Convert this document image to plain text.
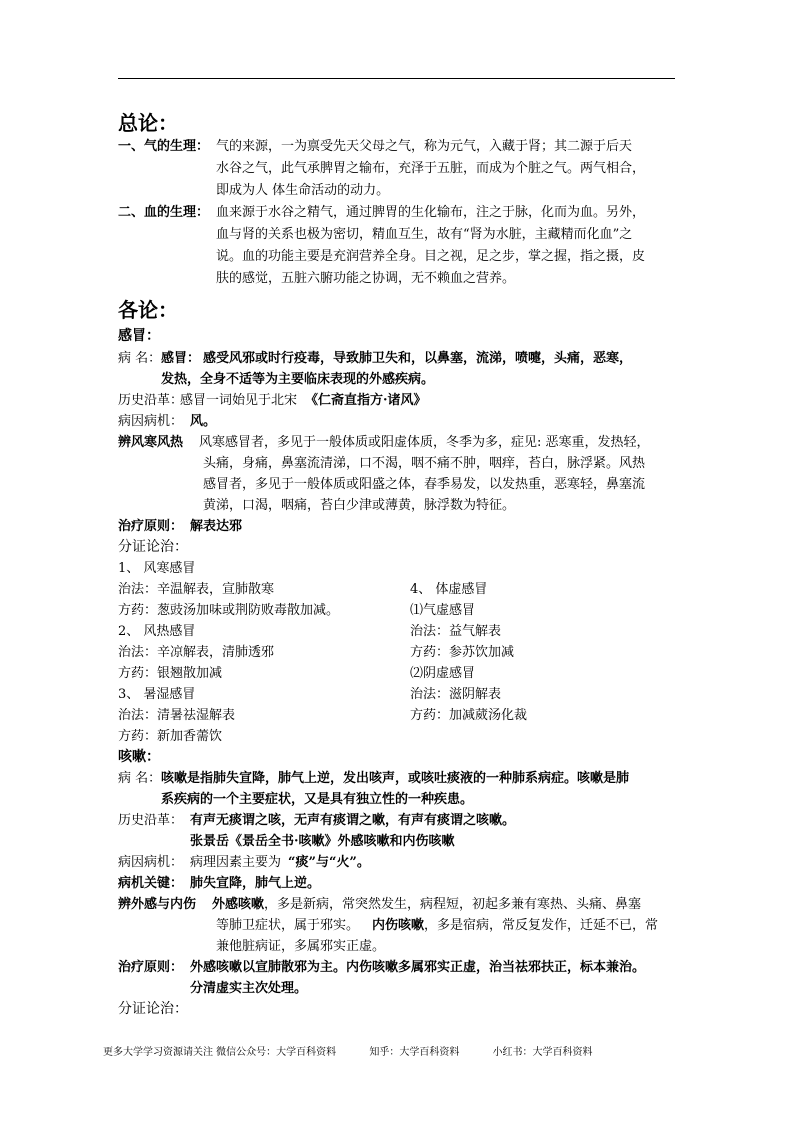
总论：
一、气的生理： 气的来源，一为禀受先天父母之气，称为元气，入藏于肾；其二源于后天
水谷之气，此气承脾胃之输布，充泽于五脏，而成为个脏之气。两气相合，
即成为人 体生命活动的动力。
二、血的生理： 血来源于水谷之精气，通过脾胃的生化输布，注之于脉，化而为血。另外，
血与肾的关系也极为密切，精血互生，故有“肾为水脏，主藏精而化血”之
说。血的功能主要是充润营养全身。目之视，足之步，掌之握，指之摄，皮
肤的感觉，五脏六腑功能之协调，无不赖血之营养。
各论：
感冒：
病 名： 感冒： 感受风邪或时行疫毒，导致肺卫失和，以鼻塞，流涕，喷嚏，头痛，恶寒，
发热，全身不适等为主要临床表现的外感疾病。
历史沿革：
感冒一词始见于北宋 《仁斋直指方·诸风》
病因病机： 风。
辨风寒风热 风寒感冒者，多见于一般体质或阳虚体质，冬季为多，症见: 恶寒重，发热轻，
头痛，身痛，鼻塞流清涕，口不渴，咽不痛不肿，咽痒，苔白，脉浮紧。风热
感冒者，多见于一般体质或阳盛之体，春季易发，以发热重，恶寒轻，鼻塞流
黄涕，口渴，咽痛，苔白少津或薄黄，脉浮数为特征。
治疗原则： 解表达邪
分证论治：
1、 风寒感冒
治法：辛温解表，宣肺散寒
方药：葱豉汤加味或荆防败毒散加减。
2、 风热感冒
治法：辛凉解表，清肺透邪
方药：银翘散加减
3、 暑湿感冒
治法：清暑祛湿解表
方药：新加香薷饮
4、 体虚感冒
⑴气虚感冒
治法：益气解表
方药：参苏饮加减
⑵阴虚感冒
治法：滋阴解表
方药：加减葳汤化裁
咳嗽：
病 名： 咳嗽是指肺失宣降，肺气上逆，发出咳声，或咳吐痰液的一种肺系病症。咳嗽是肺
系疾病的一个主要症状，又是具有独立性的一种疾患。
历史沿革： 有声无痰谓之咳，无声有痰谓之嗽，有声有痰谓之咳嗽。
张景岳《景岳全书·咳嗽》外感咳嗽和内伤咳嗽
病因病机： 病理因素主要为 “痰”与“火”。
病机关键： 肺失宣降，肺气上逆。
辨外感与内伤 外感咳嗽 ，多是新病，常突然发生，病程短，初起多兼有寒热、头痛、鼻塞
等肺卫症状，属于邪实。 内伤咳嗽 ，多是宿病，常反复发作，迁延不已，常
兼他脏病证，多属邪实正虚。
治疗原则： 外感咳嗽以宣肺散邪为主。内伤咳嗽多属邪实正虚，治当祛邪扶正，标本兼治。
分清虚实主次处理。
分证论治：
更多大学学习资源请关注 微信公众号：大学百科资料	知乎：大学百科资料	小红书：大学百科资料
